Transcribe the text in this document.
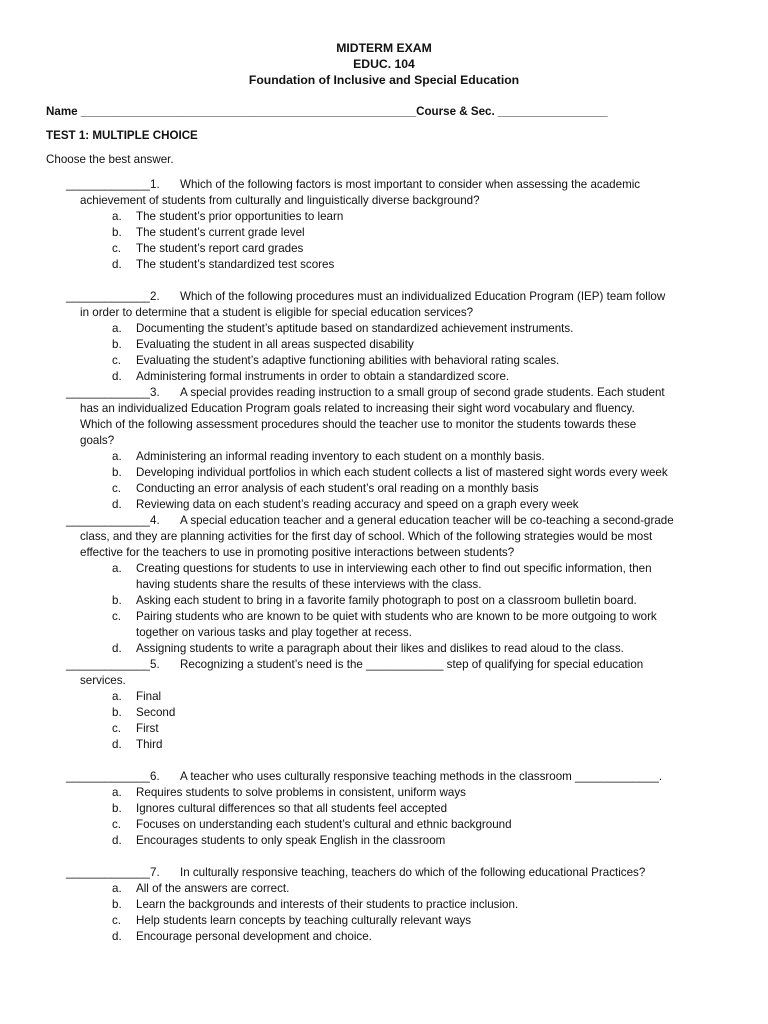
MIDTERM EXAM
EDUC. 104
Foundation of Inclusive and Special Education
Name ____________________________________________________Course & Sec. _________________
TEST 1: MULTIPLE CHOICE
Choose the best answer.
_____________1. Which of the following factors is most important to consider when assessing the academic
achievement of students from culturally and linguistically diverse background?
a. The student’s prior opportunities to learn
b. The student’s current grade level
c. The student’s report card grades
d. The student’s standardized test scores
_____________2. Which of the following procedures must an individualized Education Program (IEP) team follow
in order to determine that a student is eligible for special education services?
a. Documenting the student’s aptitude based on standardized achievement instruments.
b. Evaluating the student in all areas suspected disability
c. Evaluating the student’s adaptive functioning abilities with behavioral rating scales.
d. Administering formal instruments in order to obtain a standardized score.
_____________3. A special provides reading instruction to a small group of second grade students. Each student
has an individualized Education Program goals related to increasing their sight word vocabulary and fluency.
Which of the following assessment procedures should the teacher use to monitor the students towards these
goals?
a. Administering an informal reading inventory to each student on a monthly basis.
b. Developing individual portfolios in which each student collects a list of mastered sight words every week
c. Conducting an error analysis of each student’s oral reading on a monthly basis
d. Reviewing data on each student’s reading accuracy and speed on a graph every week
_____________4. A special education teacher and a general education teacher will be co-teaching a second-grade
class, and they are planning activities for the first day of school. Which of the following strategies would be most
effective for the teachers to use in promoting positive interactions between students?
a. Creating questions for students to use in interviewing each other to find out specific information, then
having students share the results of these interviews with the class.
b. Asking each student to bring in a favorite family photograph to post on a classroom bulletin board.
c. Pairing students who are known to be quiet with students who are known to be more outgoing to work
together on various tasks and play together at recess.
d. Assigning students to write a paragraph about their likes and dislikes to read aloud to the class.
_____________5. Recognizing a student’s need is the ____________ step of qualifying for special education
services.
a. Final
b. Second
c. First
d. Third
_____________6. A teacher who uses culturally responsive teaching methods in the classroom _____________.
a. Requires students to solve problems in consistent, uniform ways
b. Ignores cultural differences so that all students feel accepted
c. Focuses on understanding each student’s cultural and ethnic background
d. Encourages students to only speak English in the classroom
_____________7. In culturally responsive teaching, teachers do which of the following educational Practices?
a. All of the answers are correct.
b. Learn the backgrounds and interests of their students to practice inclusion.
c. Help students learn concepts by teaching culturally relevant ways
d. Encourage personal development and choice.
